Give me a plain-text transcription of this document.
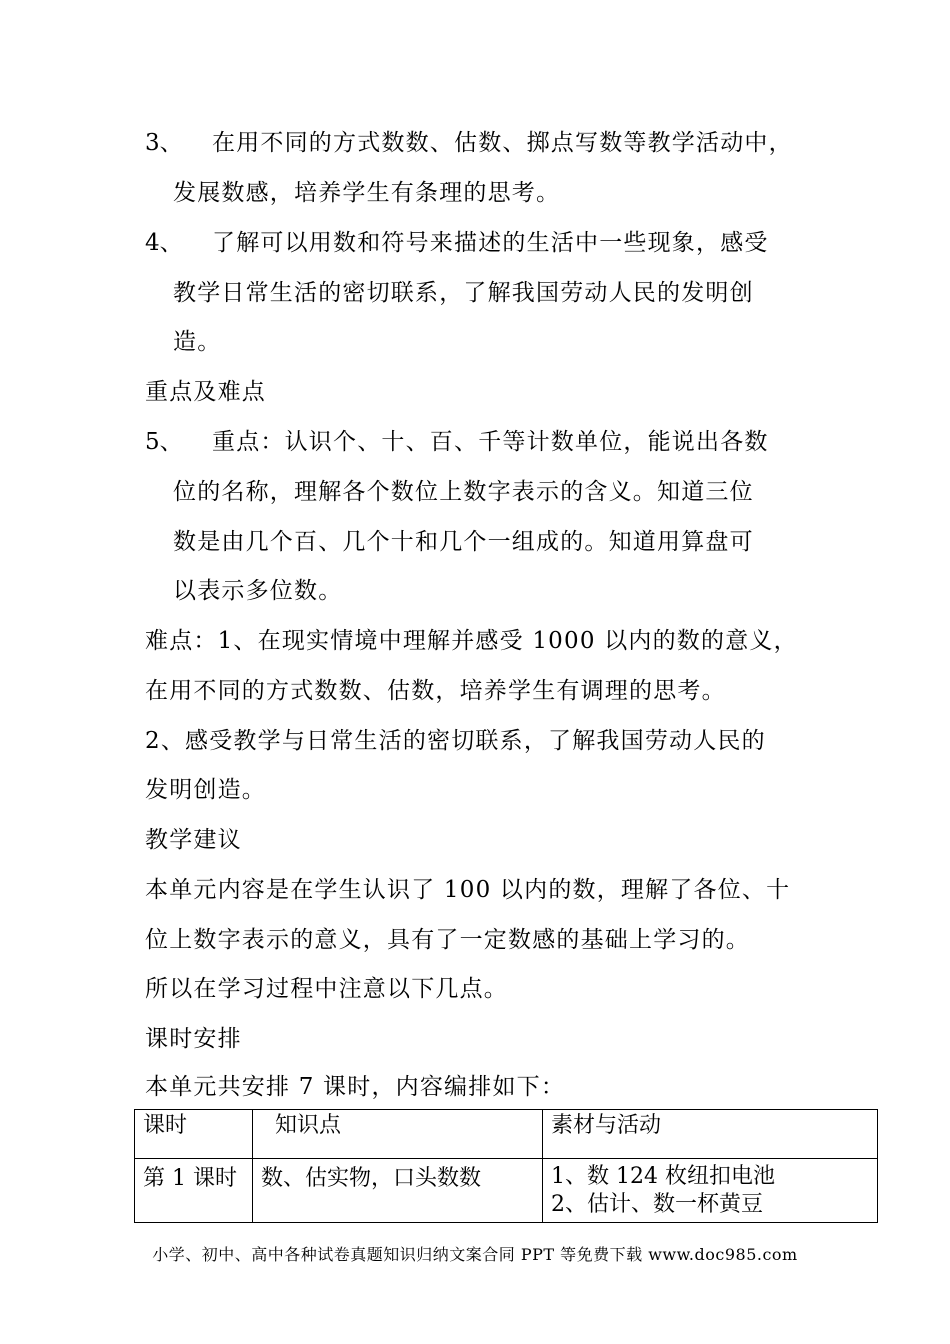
3、 在用不同的方式数数、估数、掷点写数等教学活动中，
发展数感，培养学生有条理的思考。
4、 了解可以用数和符号来描述的生活中一些现象，感受
教学日常生活的密切联系，了解我国劳动人民的发明创
造。
重点及难点
5、 重点：认识个、十、百、千等计数单位，能说出各数
位的名称，理解各个数位上数字表示的含义。知道三位
数是由几个百、几个十和几个一组成的。知道用算盘可
以表示多位数。
难点：1、在现实情境中理解并感受 1000 以内的数的意义，
在用不同的方式数数、估数，培养学生有调理的思考。
2、感受教学与日常生活的密切联系，了解我国劳动人民的
发明创造。
教学建议
本单元内容是在学生认识了 100 以内的数，理解了各位、十
位上数字表示的意义，具有了一定数感的基础上学习的。
所以在学习过程中注意以下几点。
课时安排
本单元共安排 7 课时，内容编排如下：
课时	知识点	素材与活动
第 1 课时	数、估实物，口头数数	1、数 124 枚纽扣电池
2、估计、数一杯黄豆
小学、初中、高中各种试卷真题知识归纳文案合同 PPT 等免费下载 www.doc985.com
